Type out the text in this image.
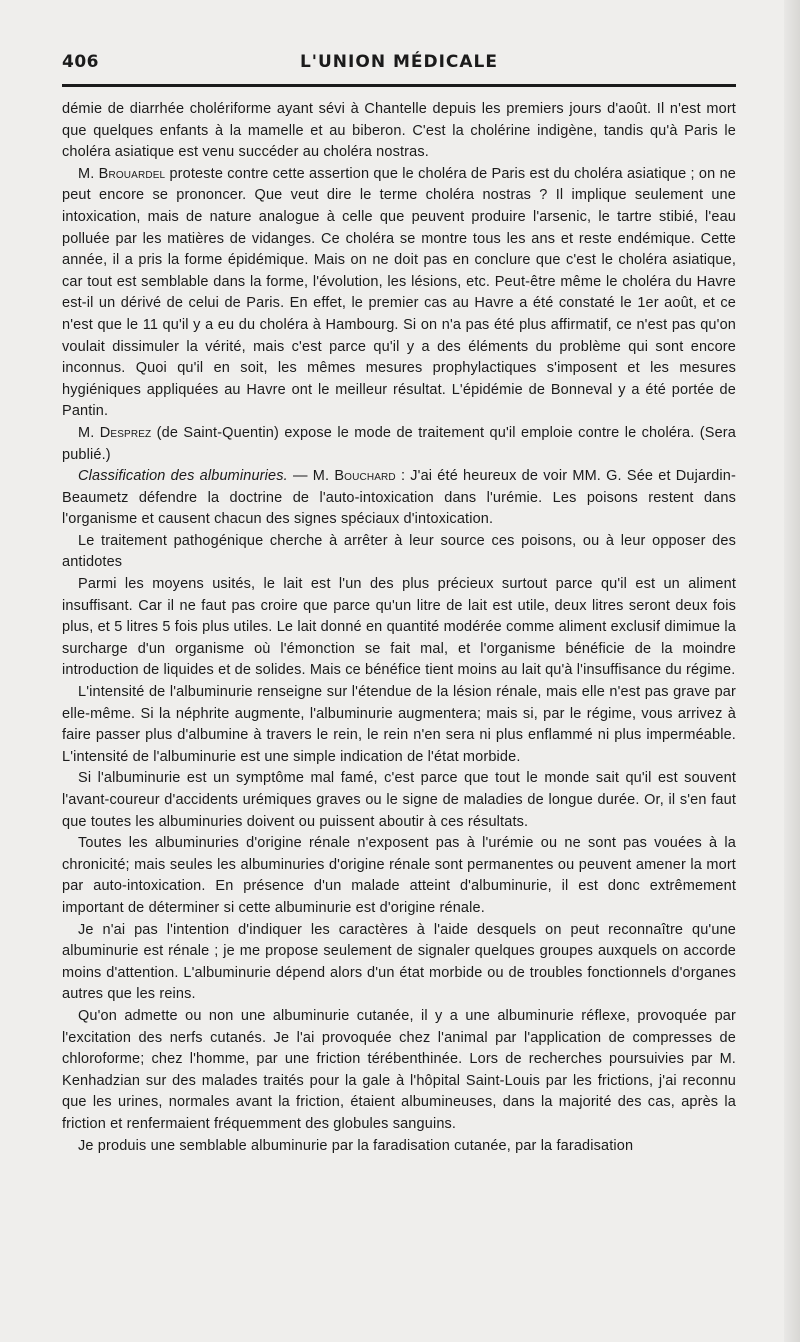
406	L'UNION MÉDICALE

démie de diarrhée cholériforme ayant sévi à Chantelle depuis les premiers jours d'août. Il n'est mort que quelques enfants à la mamelle et au biberon. C'est la cholérine indigène, tandis qu'à Paris le choléra asiatique est venu succéder au choléra nostras.

M. Brouardel proteste contre cette assertion que le choléra de Paris est du choléra asiatique ; on ne peut encore se prononcer. Que veut dire le terme choléra nostras ? Il implique seulement une intoxication, mais de nature analogue à celle que peuvent produire l'arsenic, le tartre stibié, l'eau polluée par les matières de vidanges. Ce choléra se montre tous les ans et reste endémique. Cette année, il a pris la forme épidémique. Mais on ne doit pas en conclure que c'est le choléra asiatique, car tout est semblable dans la forme, l'évolution, les lésions, etc. Peut-être même le choléra du Havre est-il un dérivé de celui de Paris. En effet, le premier cas au Havre a été constaté le 1er août, et ce n'est que le 11 qu'il y a eu du choléra à Hambourg. Si on n'a pas été plus affirmatif, ce n'est pas qu'on voulait dissimuler la vérité, mais c'est parce qu'il y a des éléments du problème qui sont encore inconnus. Quoi qu'il en soit, les mêmes mesures prophylactiques s'imposent et les mesures hygiéniques appliquées au Havre ont le meilleur résultat. L'épidémie de Bonneval y a été portée de Pantin.

M. Desprez (de Saint-Quentin) expose le mode de traitement qu'il emploie contre le choléra. (Sera publié.)

Classification des albuminuries. — M. Bouchard : J'ai été heureux de voir MM. G. Sée et Dujardin-Beaumetz défendre la doctrine de l'auto-intoxication dans l'urémie. Les poisons restent dans l'organisme et causent chacun des signes spéciaux d'intoxication.

Le traitement pathogénique cherche à arrêter à leur source ces poisons, ou à leur opposer des antidotes

Parmi les moyens usités, le lait est l'un des plus précieux surtout parce qu'il est un aliment insuffisant. Car il ne faut pas croire que parce qu'un litre de lait est utile, deux litres seront deux fois plus, et 5 litres 5 fois plus utiles. Le lait donné en quantité modérée comme aliment exclusif dimimue la surcharge d'un organisme où l'émonction se fait mal, et l'organisme bénéficie de la moindre introduction de liquides et de solides. Mais ce bénéfice tient moins au lait qu'à l'insuffisance du régime.

L'intensité de l'albuminurie renseigne sur l'étendue de la lésion rénale, mais elle n'est pas grave par elle-même. Si la néphrite augmente, l'albuminurie augmentera; mais si, par le régime, vous arrivez à faire passer plus d'albumine à travers le rein, le rein n'en sera ni plus enflammé ni plus imperméable. L'intensité de l'albuminurie est une simple indication de l'état morbide.

Si l'albuminurie est un symptôme mal famé, c'est parce que tout le monde sait qu'il est souvent l'avant-coureur d'accidents urémiques graves ou le signe de maladies de longue durée. Or, il s'en faut que toutes les albuminuries doivent ou puissent aboutir à ces résultats.

Toutes les albuminuries d'origine rénale n'exposent pas à l'urémie ou ne sont pas vouées à la chronicité; mais seules les albuminuries d'origine rénale sont permanentes ou peuvent amener la mort par auto-intoxication. En présence d'un malade atteint d'albuminurie, il est donc extrêmement important de déterminer si cette albuminurie est d'origine rénale.

Je n'ai pas l'intention d'indiquer les caractères à l'aide desquels on peut reconnaître qu'une albuminurie est rénale ; je me propose seulement de signaler quelques groupes auxquels on accorde moins d'attention. L'albuminurie dépend alors d'un état morbide ou de troubles fonctionnels d'organes autres que les reins.

Qu'on admette ou non une albuminurie cutanée, il y a une albuminurie réflexe, provoquée par l'excitation des nerfs cutanés. Je l'ai provoquée chez l'animal par l'application de compresses de chloroforme; chez l'homme, par une friction térébenthinée. Lors de recherches poursuivies par M. Kenhadzian sur des malades traités pour la gale à l'hôpital Saint-Louis par les frictions, j'ai reconnu que les urines, normales avant la friction, étaient albumineuses, dans la majorité des cas, après la friction et renfermaient fréquemment des globules sanguins.

Je produis une semblable albuminurie par la faradisation cutanée, par la faradisation
